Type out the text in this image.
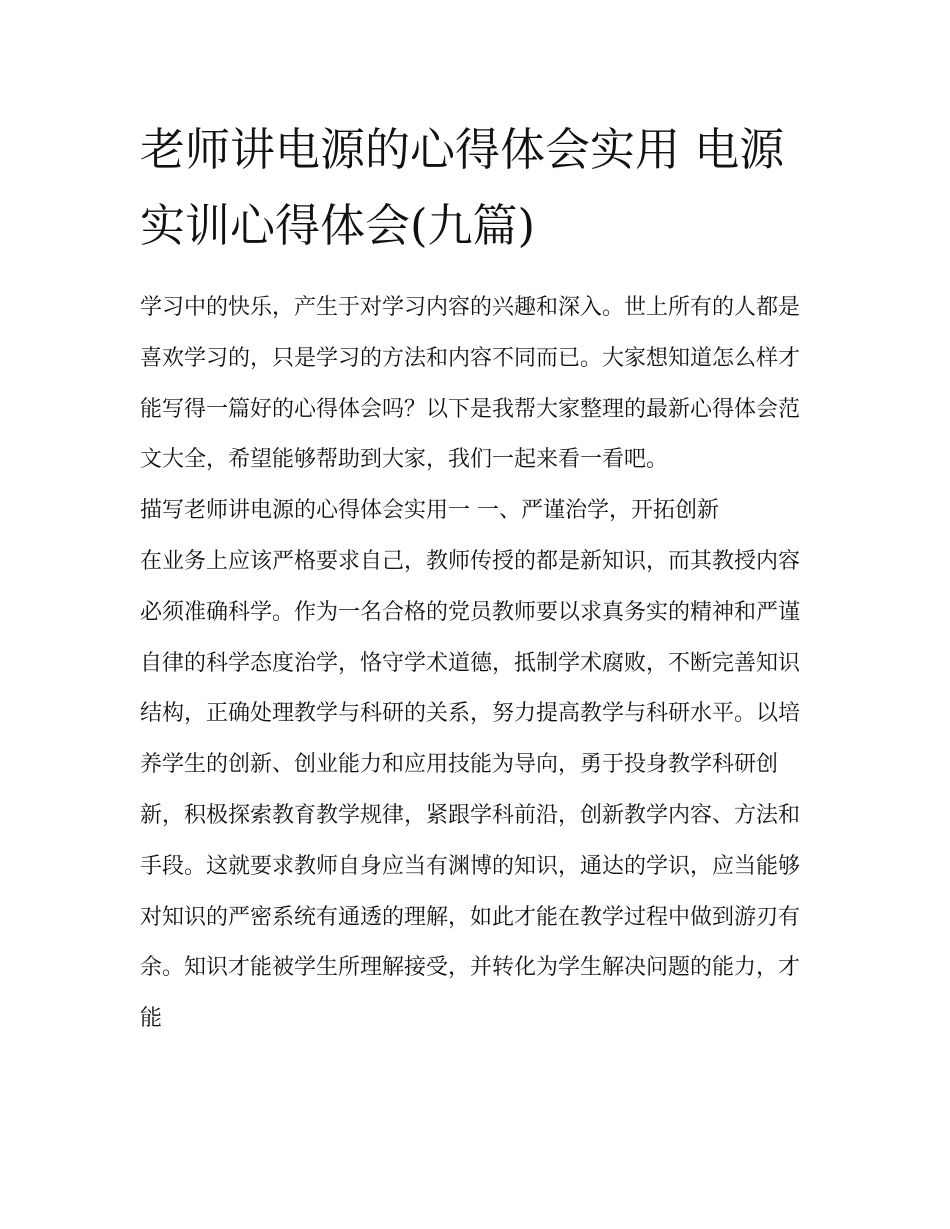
老师讲电源的心得体会实用 电源实训心得体会(九篇)

学习中的快乐，产生于对学习内容的兴趣和深入。世上所有的人都是喜欢学习的，只是学习的方法和内容不同而已。大家想知道怎么样才能写得一篇好的心得体会吗？以下是我帮大家整理的最新心得体会范文大全，希望能够帮助到大家，我们一起来看一看吧。

描写老师讲电源的心得体会实用一 一、严谨治学，开拓创新

在业务上应该严格要求自己，教师传授的都是新知识，而其教授内容必须准确科学。作为一名合格的党员教师要以求真务实的精神和严谨自律的科学态度治学，恪守学术道德，抵制学术腐败，不断完善知识结构，正确处理教学与科研的关系，努力提高教学与科研水平。以培养学生的创新、创业能力和应用技能为导向，勇于投身教学科研创新，积极探索教育教学规律，紧跟学科前沿，创新教学内容、方法和手段。这就要求教师自身应当有渊博的知识，通达的学识，应当能够对知识的严密系统有通透的理解，如此才能在教学过程中做到游刃有余。知识才能被学生所理解接受，并转化为学生解决问题的能力，才能
